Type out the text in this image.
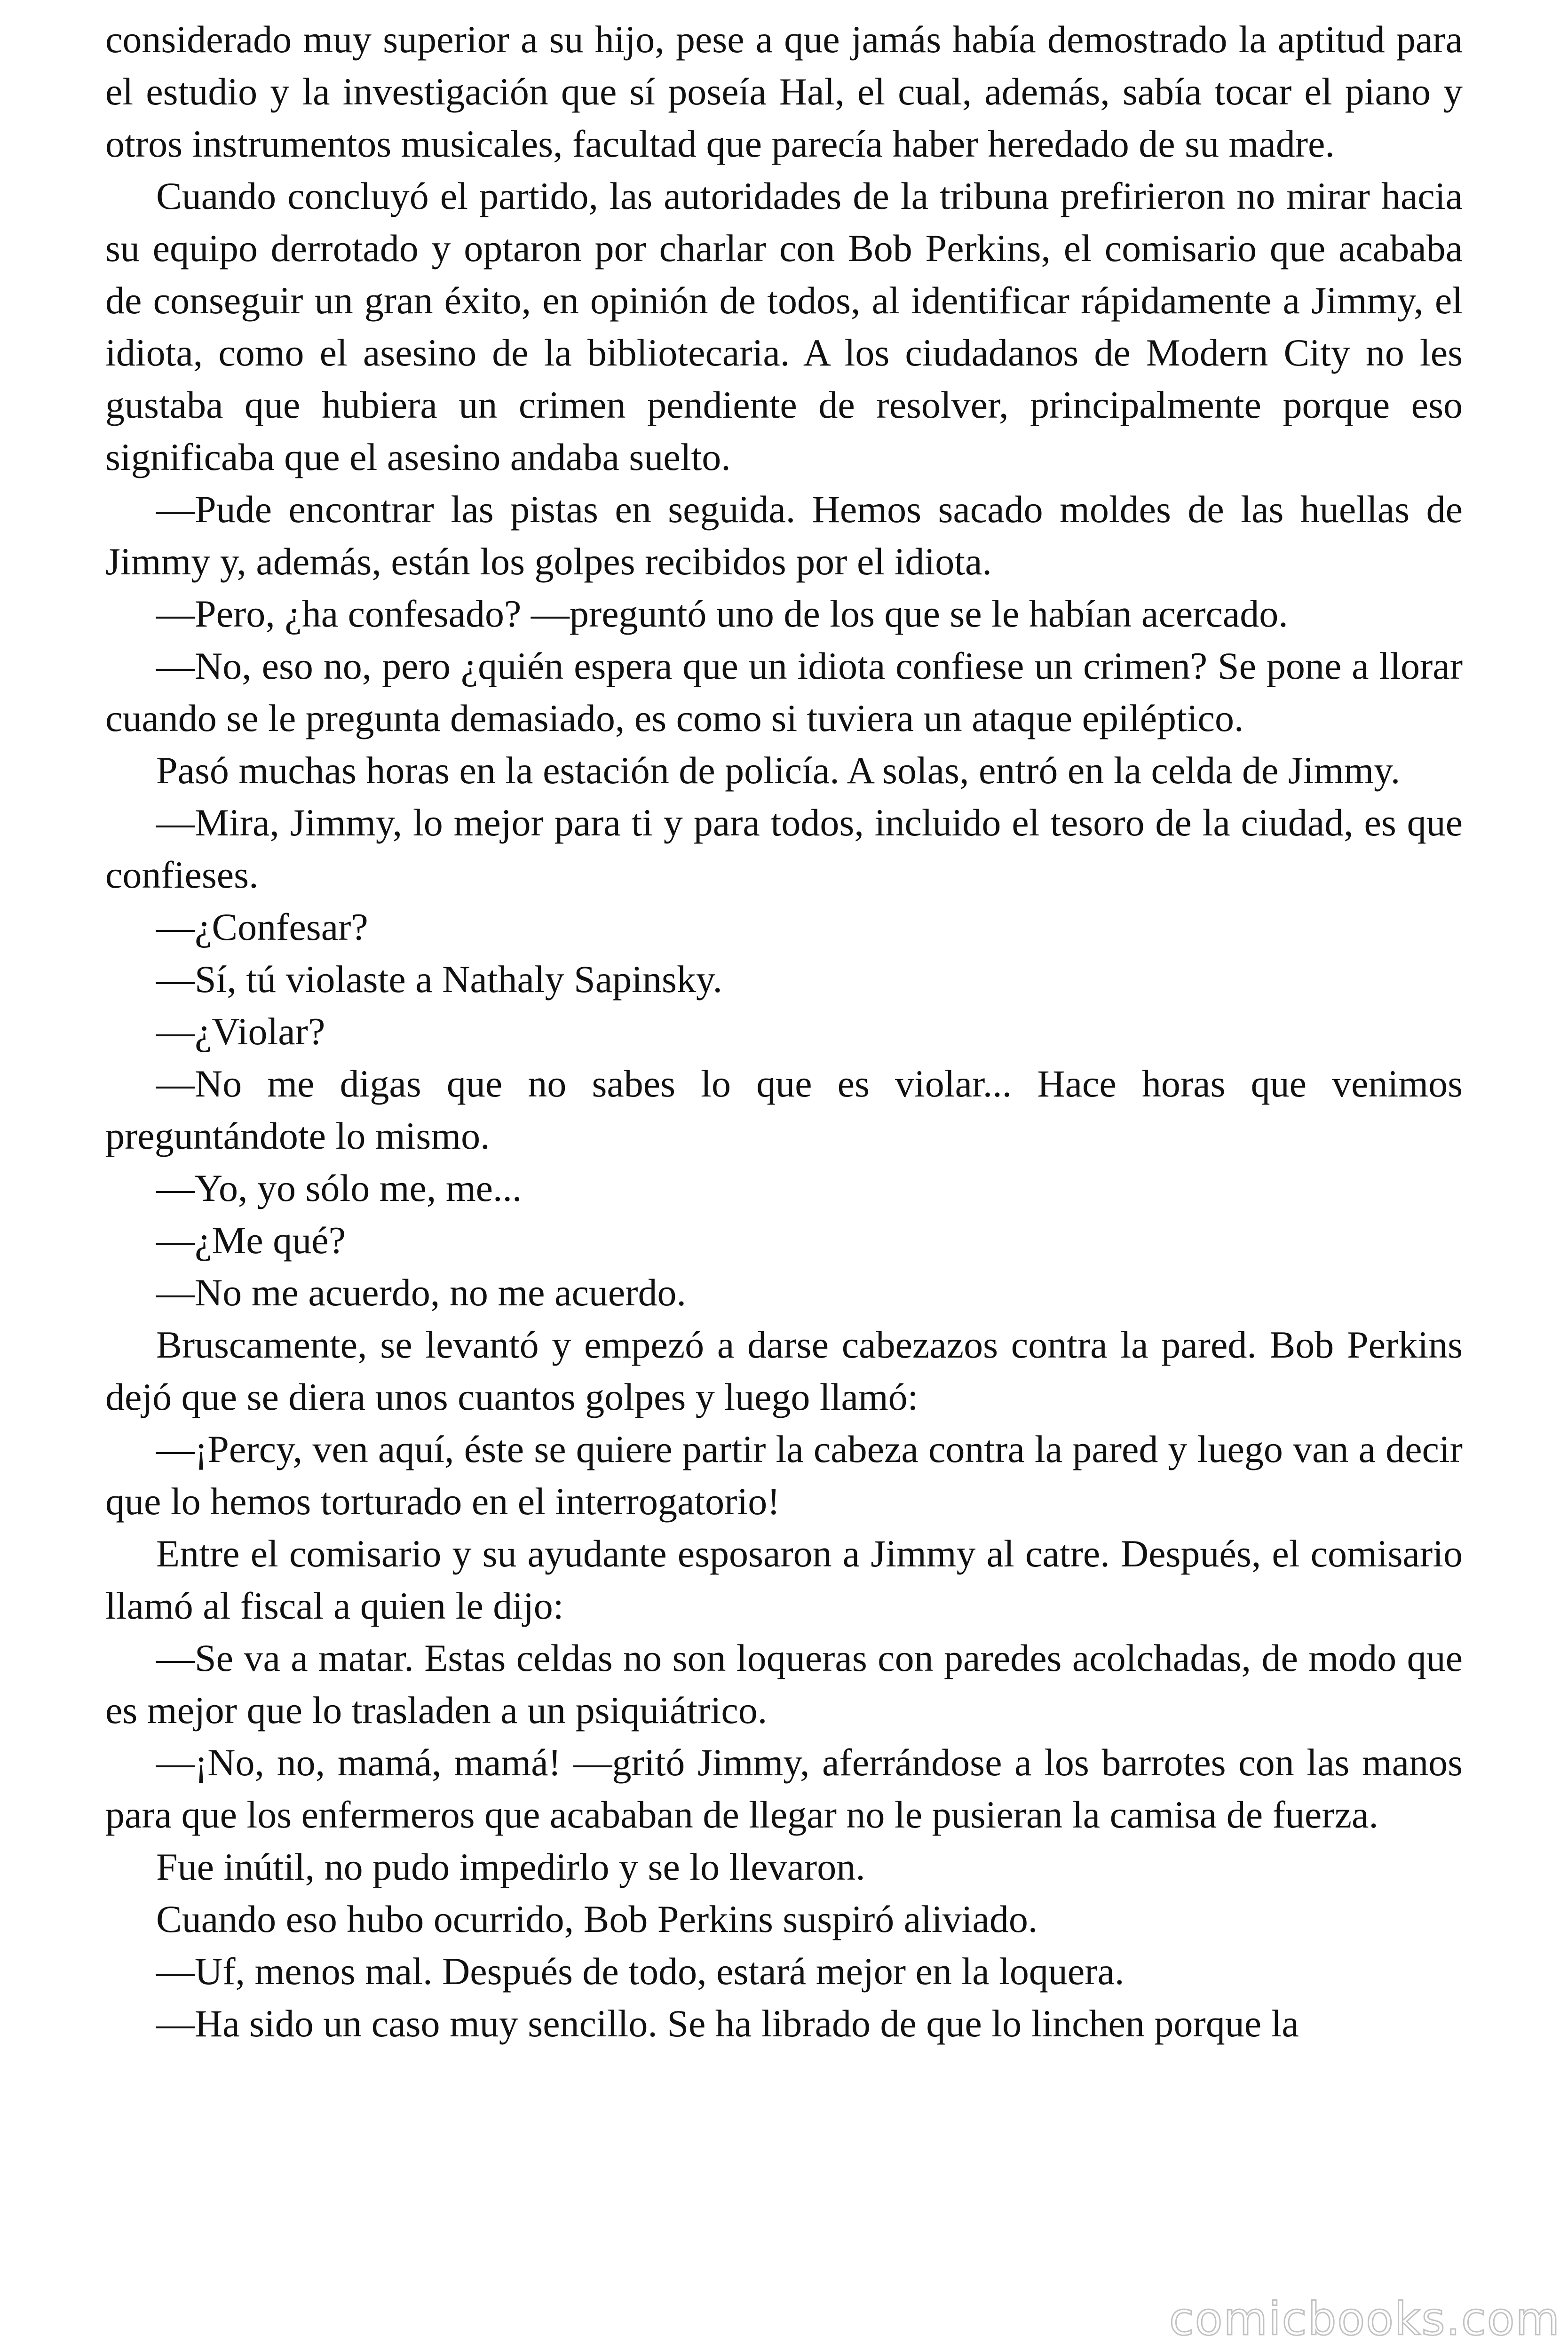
considerado muy superior a su hijo, pese a que jamás había demostrado la aptitud para el estudio y la investigación que sí poseía Hal, el cual, además, sabía tocar el piano y otros instrumentos musicales, facultad que parecía haber heredado de su madre.

Cuando concluyó el partido, las autoridades de la tribuna prefirieron no mirar hacia su equipo derrotado y optaron por charlar con Bob Perkins, el comisario que acababa de conseguir un gran éxito, en opinión de todos, al identificar rápidamente a Jimmy, el idiota, como el asesino de la bibliotecaria. A los ciudadanos de Modern City no les gustaba que hubiera un crimen pendiente de resolver, principalmente porque eso significaba que el asesino andaba suelto.

—Pude encontrar las pistas en seguida. Hemos sacado moldes de las huellas de Jimmy y, además, están los golpes recibidos por el idiota.

—Pero, ¿ha confesado? —preguntó uno de los que se le habían acercado.

—No, eso no, pero ¿quién espera que un idiota confiese un crimen? Se pone a llorar cuando se le pregunta demasiado, es como si tuviera un ataque epiléptico.

Pasó muchas horas en la estación de policía. A solas, entró en la celda de Jimmy.

—Mira, Jimmy, lo mejor para ti y para todos, incluido el tesoro de la ciudad, es que confieses.

—¿Confesar?

—Sí, tú violaste a Nathaly Sapinsky.

—¿Violar?

—No me digas que no sabes lo que es violar... Hace horas que venimos preguntándote lo mismo.

—Yo, yo sólo me, me...

—¿Me qué?

—No me acuerdo, no me acuerdo.

Bruscamente, se levantó y empezó a darse cabezazos contra la pared. Bob Perkins dejó que se diera unos cuantos golpes y luego llamó:

—¡Percy, ven aquí, éste se quiere partir la cabeza contra la pared y luego van a decir que lo hemos torturado en el interrogatorio!

Entre el comisario y su ayudante esposaron a Jimmy al catre. Después, el comisario llamó al fiscal a quien le dijo:

—Se va a matar. Estas celdas no son loqueras con paredes acolchadas, de modo que es mejor que lo trasladen a un psiquiátrico.

—¡No, no, mamá, mamá! —gritó Jimmy, aferrándose a los barrotes con las manos para que los enfermeros que acababan de llegar no le pusieran la camisa de fuerza.

Fue inútil, no pudo impedirlo y se lo llevaron.

Cuando eso hubo ocurrido, Bob Perkins suspiró aliviado.

—Uf, menos mal. Después de todo, estará mejor en la loquera.

—Ha sido un caso muy sencillo. Se ha librado de que lo linchen porque la

comicbooks.com
